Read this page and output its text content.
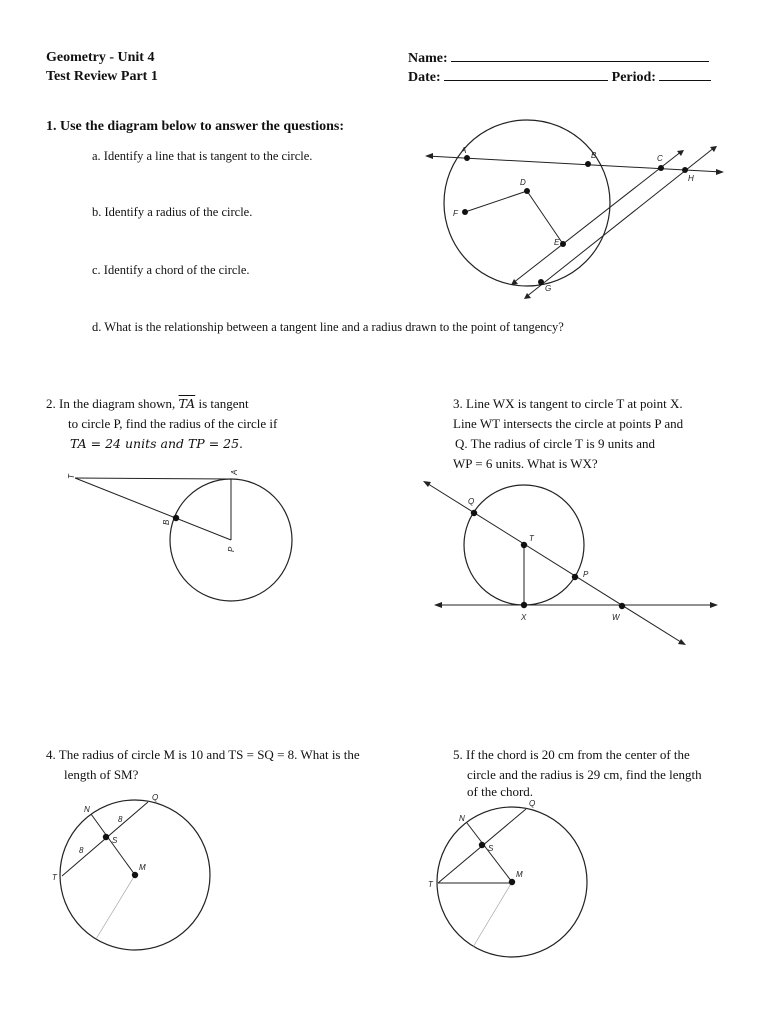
Geometry - Unit 4
Test Review Part 1
Name:
Date:	Period:
1. Use the diagram below to answer the questions:
a. Identify a line that is tangent to the circle.
b. Identify a radius of the circle.
c. Identify a chord of the circle.
d. What is the relationship between a tangent line and a radius drawn to the point of tangency?
A
B	C
D
E
F
G
H
2. In the diagram shown, $\overline{TA}$ is tangent
to circle P, find the radius of the circle if
TA = 24 units and TP = 25.
T
A
B
P
3. Line WX is tangent to circle T at point X.
Line WT intersects the circle at points P and
Q. The radius of circle T is 9 units and
WP = 6 units. What is WX?
Q
T
P
X	W
4. The radius of circle M is 10 and TS = SQ = 8. What is the
length of SM?
N
Q
S
T
M
8
8
5. If the chord is 20 cm from the center of the
circle and the radius is 29 cm, find the length
of the chord.
N
Q
S
T
M
